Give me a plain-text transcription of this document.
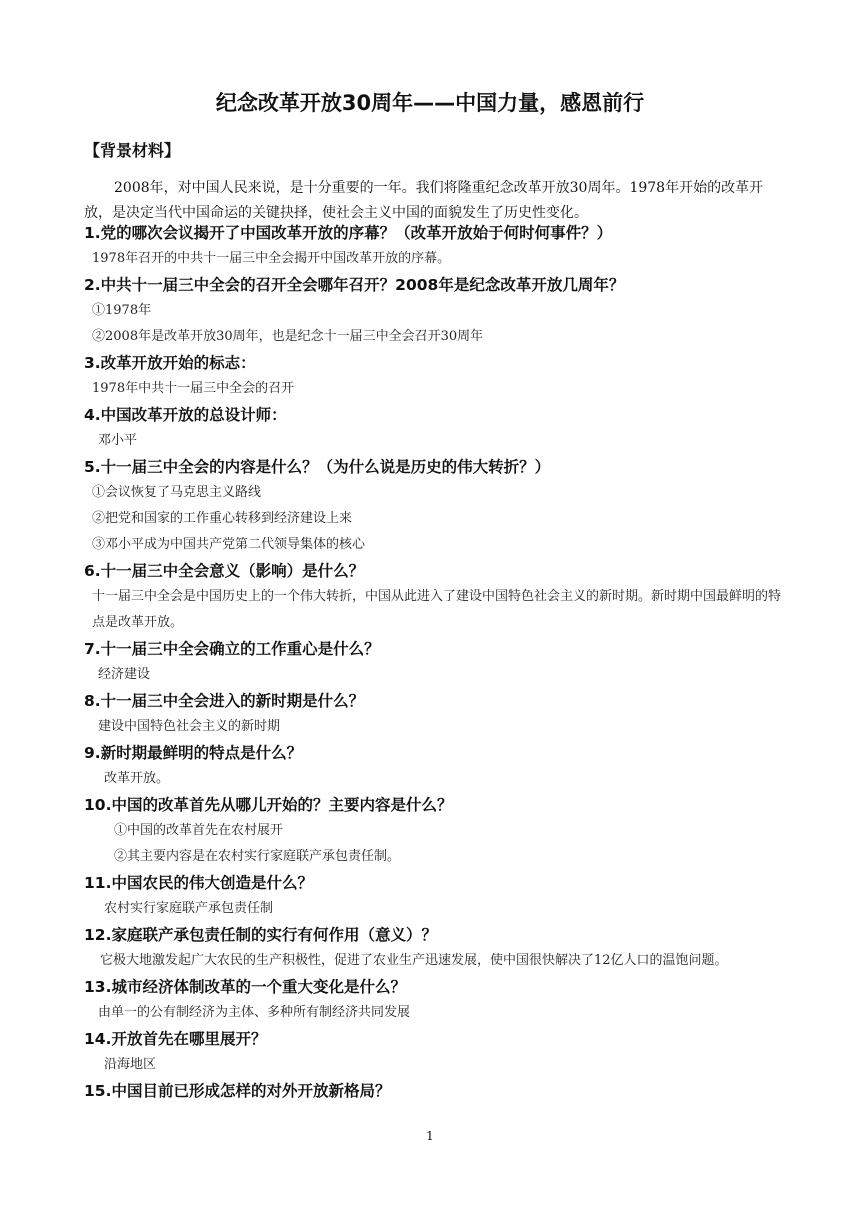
纪念改革开放30周年——中国力量，感恩前行
【背景材料】

2008年，对中国人民来说，是十分重要的一年。我们将隆重纪念改革开放30周年。1978年开始的改革开放，是决定当代中国命运的关键抉择，使社会主义中国的面貌发生了历史性变化。

1.党的哪次会议揭开了中国改革开放的序幕？（改革开放始于何时何事件？）

1978年召开的中共十一届三中全会揭开中国改革开放的序幕。

2.中共十一届三中全会的召开全会哪年召开？2008年是纪念改革开放几周年？

①1978年

②2008年是改革开放30周年，也是纪念十一届三中全会召开30周年

3.改革开放开始的标志：

1978年中共十一届三中全会的召开

4.中国改革开放的总设计师：

邓小平

5.十一届三中全会的内容是什么？（为什么说是历史的伟大转折？）

①会议恢复了马克思主义路线

②把党和国家的工作重心转移到经济建设上来

③邓小平成为中国共产党第二代领导集体的核心

6.十一届三中全会意义（影响）是什么？

十一届三中全会是中国历史上的一个伟大转折，中国从此进入了建设中国特色社会主义的新时期。新时期中国最鲜明的特点是改革开放。

7.十一届三中全会确立的工作重心是什么？

经济建设

8.十一届三中全会进入的新时期是什么？

建设中国特色社会主义的新时期

9.新时期最鲜明的特点是什么？

改革开放。

10.中国的改革首先从哪儿开始的？主要内容是什么？

①中国的改革首先在农村展开

②其主要内容是在农村实行家庭联产承包责任制。

11.中国农民的伟大创造是什么？

农村实行家庭联产承包责任制

12.家庭联产承包责任制的实行有何作用（意义）？

它极大地激发起广大农民的生产积极性，促进了农业生产迅速发展，使中国很快解决了12亿人口的温饱问题。

13.城市经济体制改革的一个重大变化是什么？

由单一的公有制经济为主体、多种所有制经济共同发展

14.开放首先在哪里展开？

沿海地区

15.中国目前已形成怎样的对外开放新格局？

1
